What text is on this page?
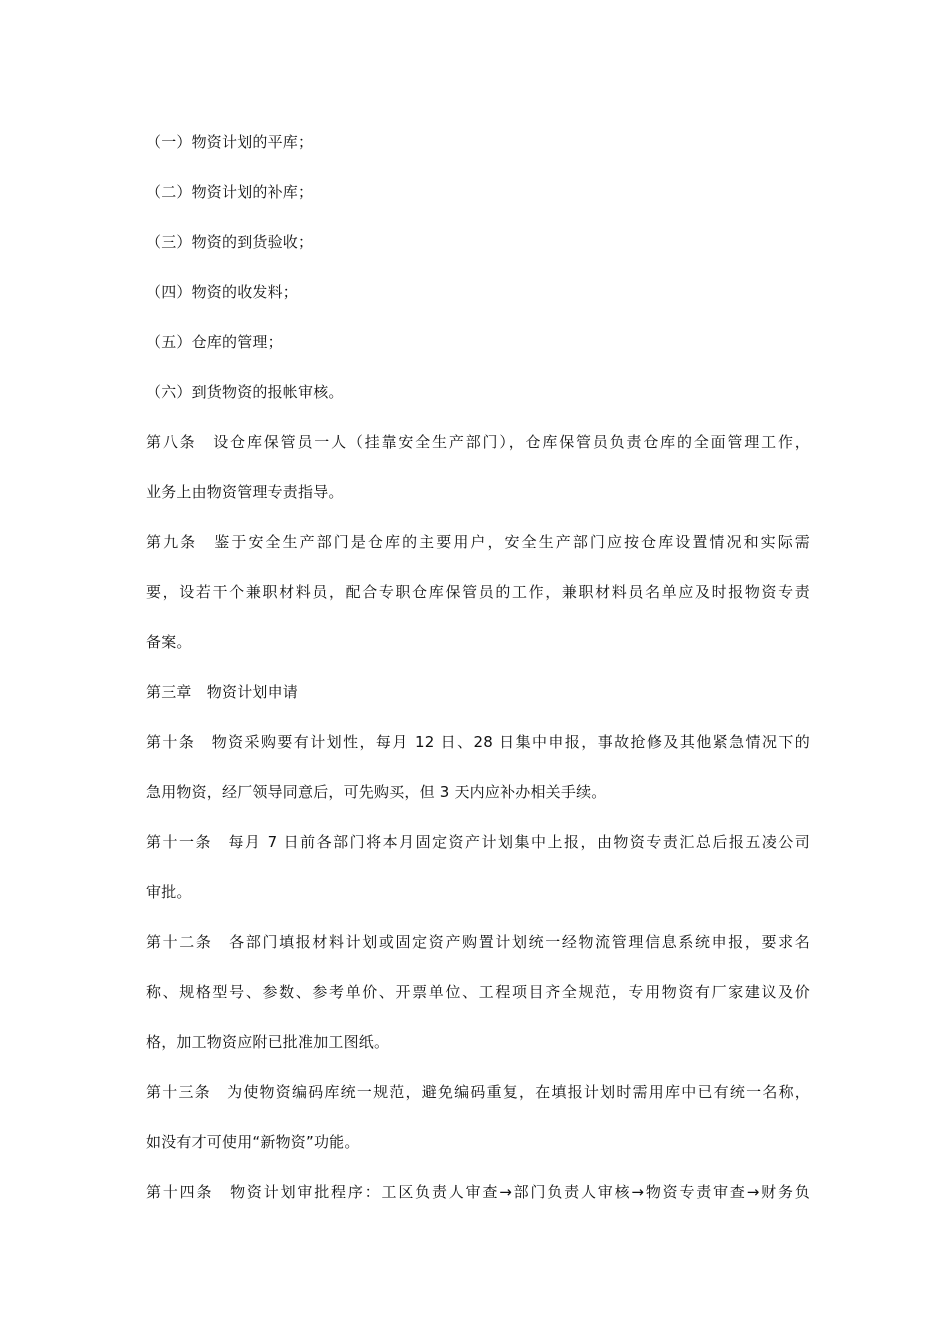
（一）物资计划的平库；
（二）物资计划的补库；
（三）物资的到货验收；
（四）物资的收发料；
（五）仓库的管理；
（六）到货物资的报帐审核。
第八条　设仓库保管员一人（挂靠安全生产部门），仓库保管员负责仓库的全面管理工作，
业务上由物资管理专责指导。
第九条　鉴于安全生产部门是仓库的主要用户，安全生产部门应按仓库设置情况和实际需
要，设若干个兼职材料员，配合专职仓库保管员的工作，兼职材料员名单应及时报物资专责
备案。
第三章　物资计划申请
第十条　物资采购要有计划性，每月 12 日、28 日集中申报，事故抢修及其他紧急情况下的
急用物资，经厂领导同意后，可先购买，但 3 天内应补办相关手续。
第十一条　每月 7 日前各部门将本月固定资产计划集中上报，由物资专责汇总后报五凌公司
审批。
第十二条　各部门填报材料计划或固定资产购置计划统一经物流管理信息系统申报，要求名
称、规格型号、参数、参考单价、开票单位、工程项目齐全规范，专用物资有厂家建议及价
格，加工物资应附已批准加工图纸。
第十三条　为使物资编码库统一规范，避免编码重复，在填报计划时需用库中已有统一名称，
如没有才可使用“新物资”功能。
第十四条　物资计划审批程序：工区负责人审查→部门负责人审核→物资专责审查→财务负
